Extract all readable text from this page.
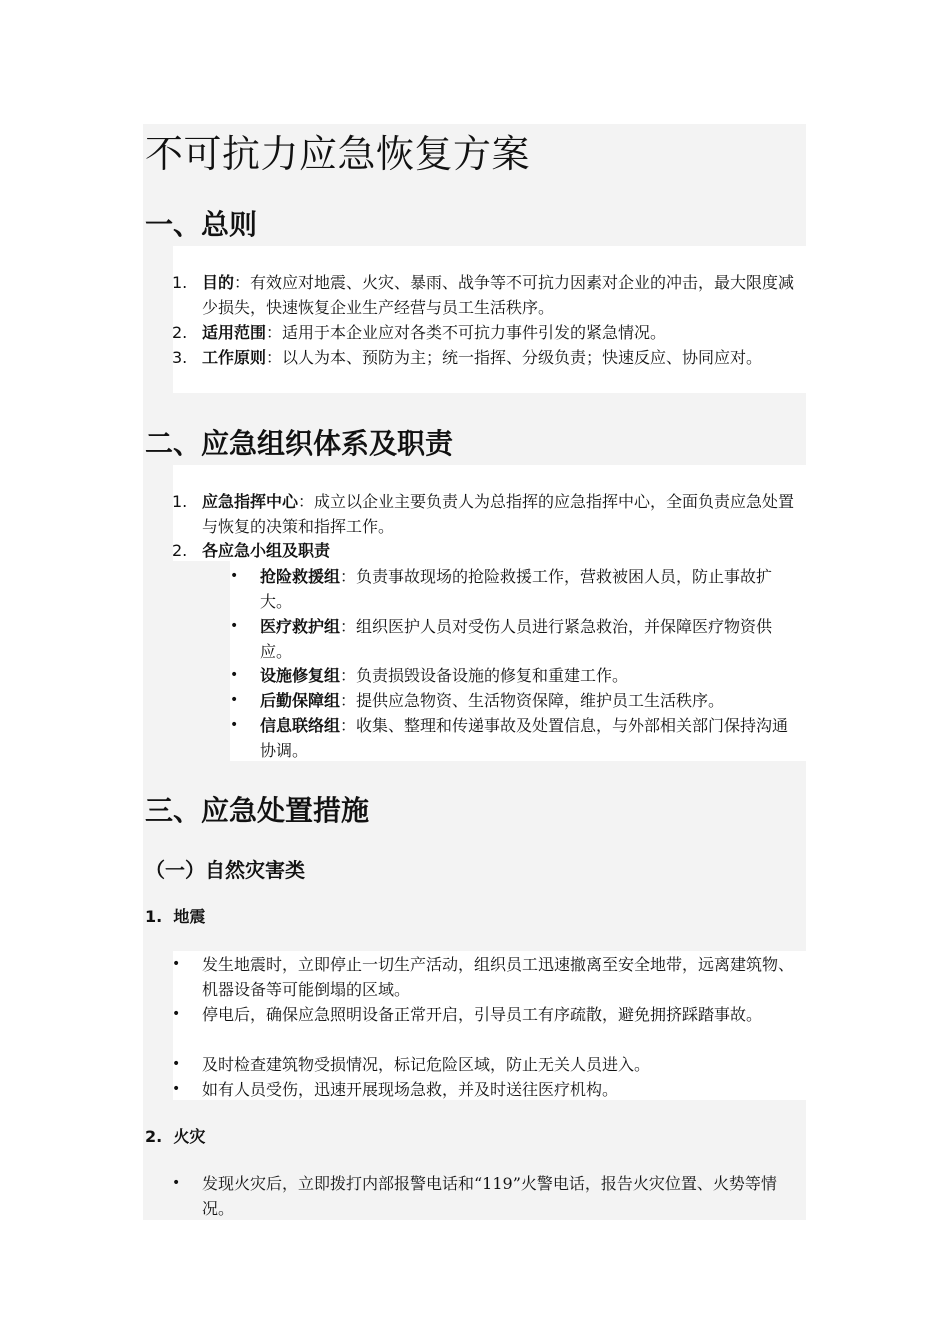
不可抗力应急恢复方案
一、总则
1. 目的：有效应对地震、火灾、暴雨、战争等不可抗力因素对企业的冲击，最大限度减少损失，快速恢复企业生产经营与员工生活秩序。
2. 适用范围：适用于本企业应对各类不可抗力事件引发的紧急情况。
3. 工作原则：以人为本、预防为主；统一指挥、分级负责；快速反应、协同应对。
二、应急组织体系及职责
1. 应急指挥中心：成立以企业主要负责人为总指挥的应急指挥中心，全面负责应急处置与恢复的决策和指挥工作。
2. 各应急小组及职责
• 抢险救援组：负责事故现场的抢险救援工作，营救被困人员，防止事故扩大。
• 医疗救护组：组织医护人员对受伤人员进行紧急救治，并保障医疗物资供应。
• 设施修复组：负责损毁设备设施的修复和重建工作。
• 后勤保障组：提供应急物资、生活物资保障，维护员工生活秩序。
• 信息联络组：收集、整理和传递事故及处置信息，与外部相关部门保持沟通协调。
三、应急处置措施
（一）自然灾害类
1.  地震
• 发生地震时，立即停止一切生产活动，组织员工迅速撤离至安全地带，远离建筑物、机器设备等可能倒塌的区域。
• 停电后，确保应急照明设备正常开启，引导员工有序疏散，避免拥挤踩踏事故。
• 及时检查建筑物受损情况，标记危险区域，防止无关人员进入。
• 如有人员受伤，迅速开展现场急救，并及时送往医疗机构。
2.  火灾
• 发现火灾后，立即拨打内部报警电话和“119”火警电话，报告火灾位置、火势等情况。
